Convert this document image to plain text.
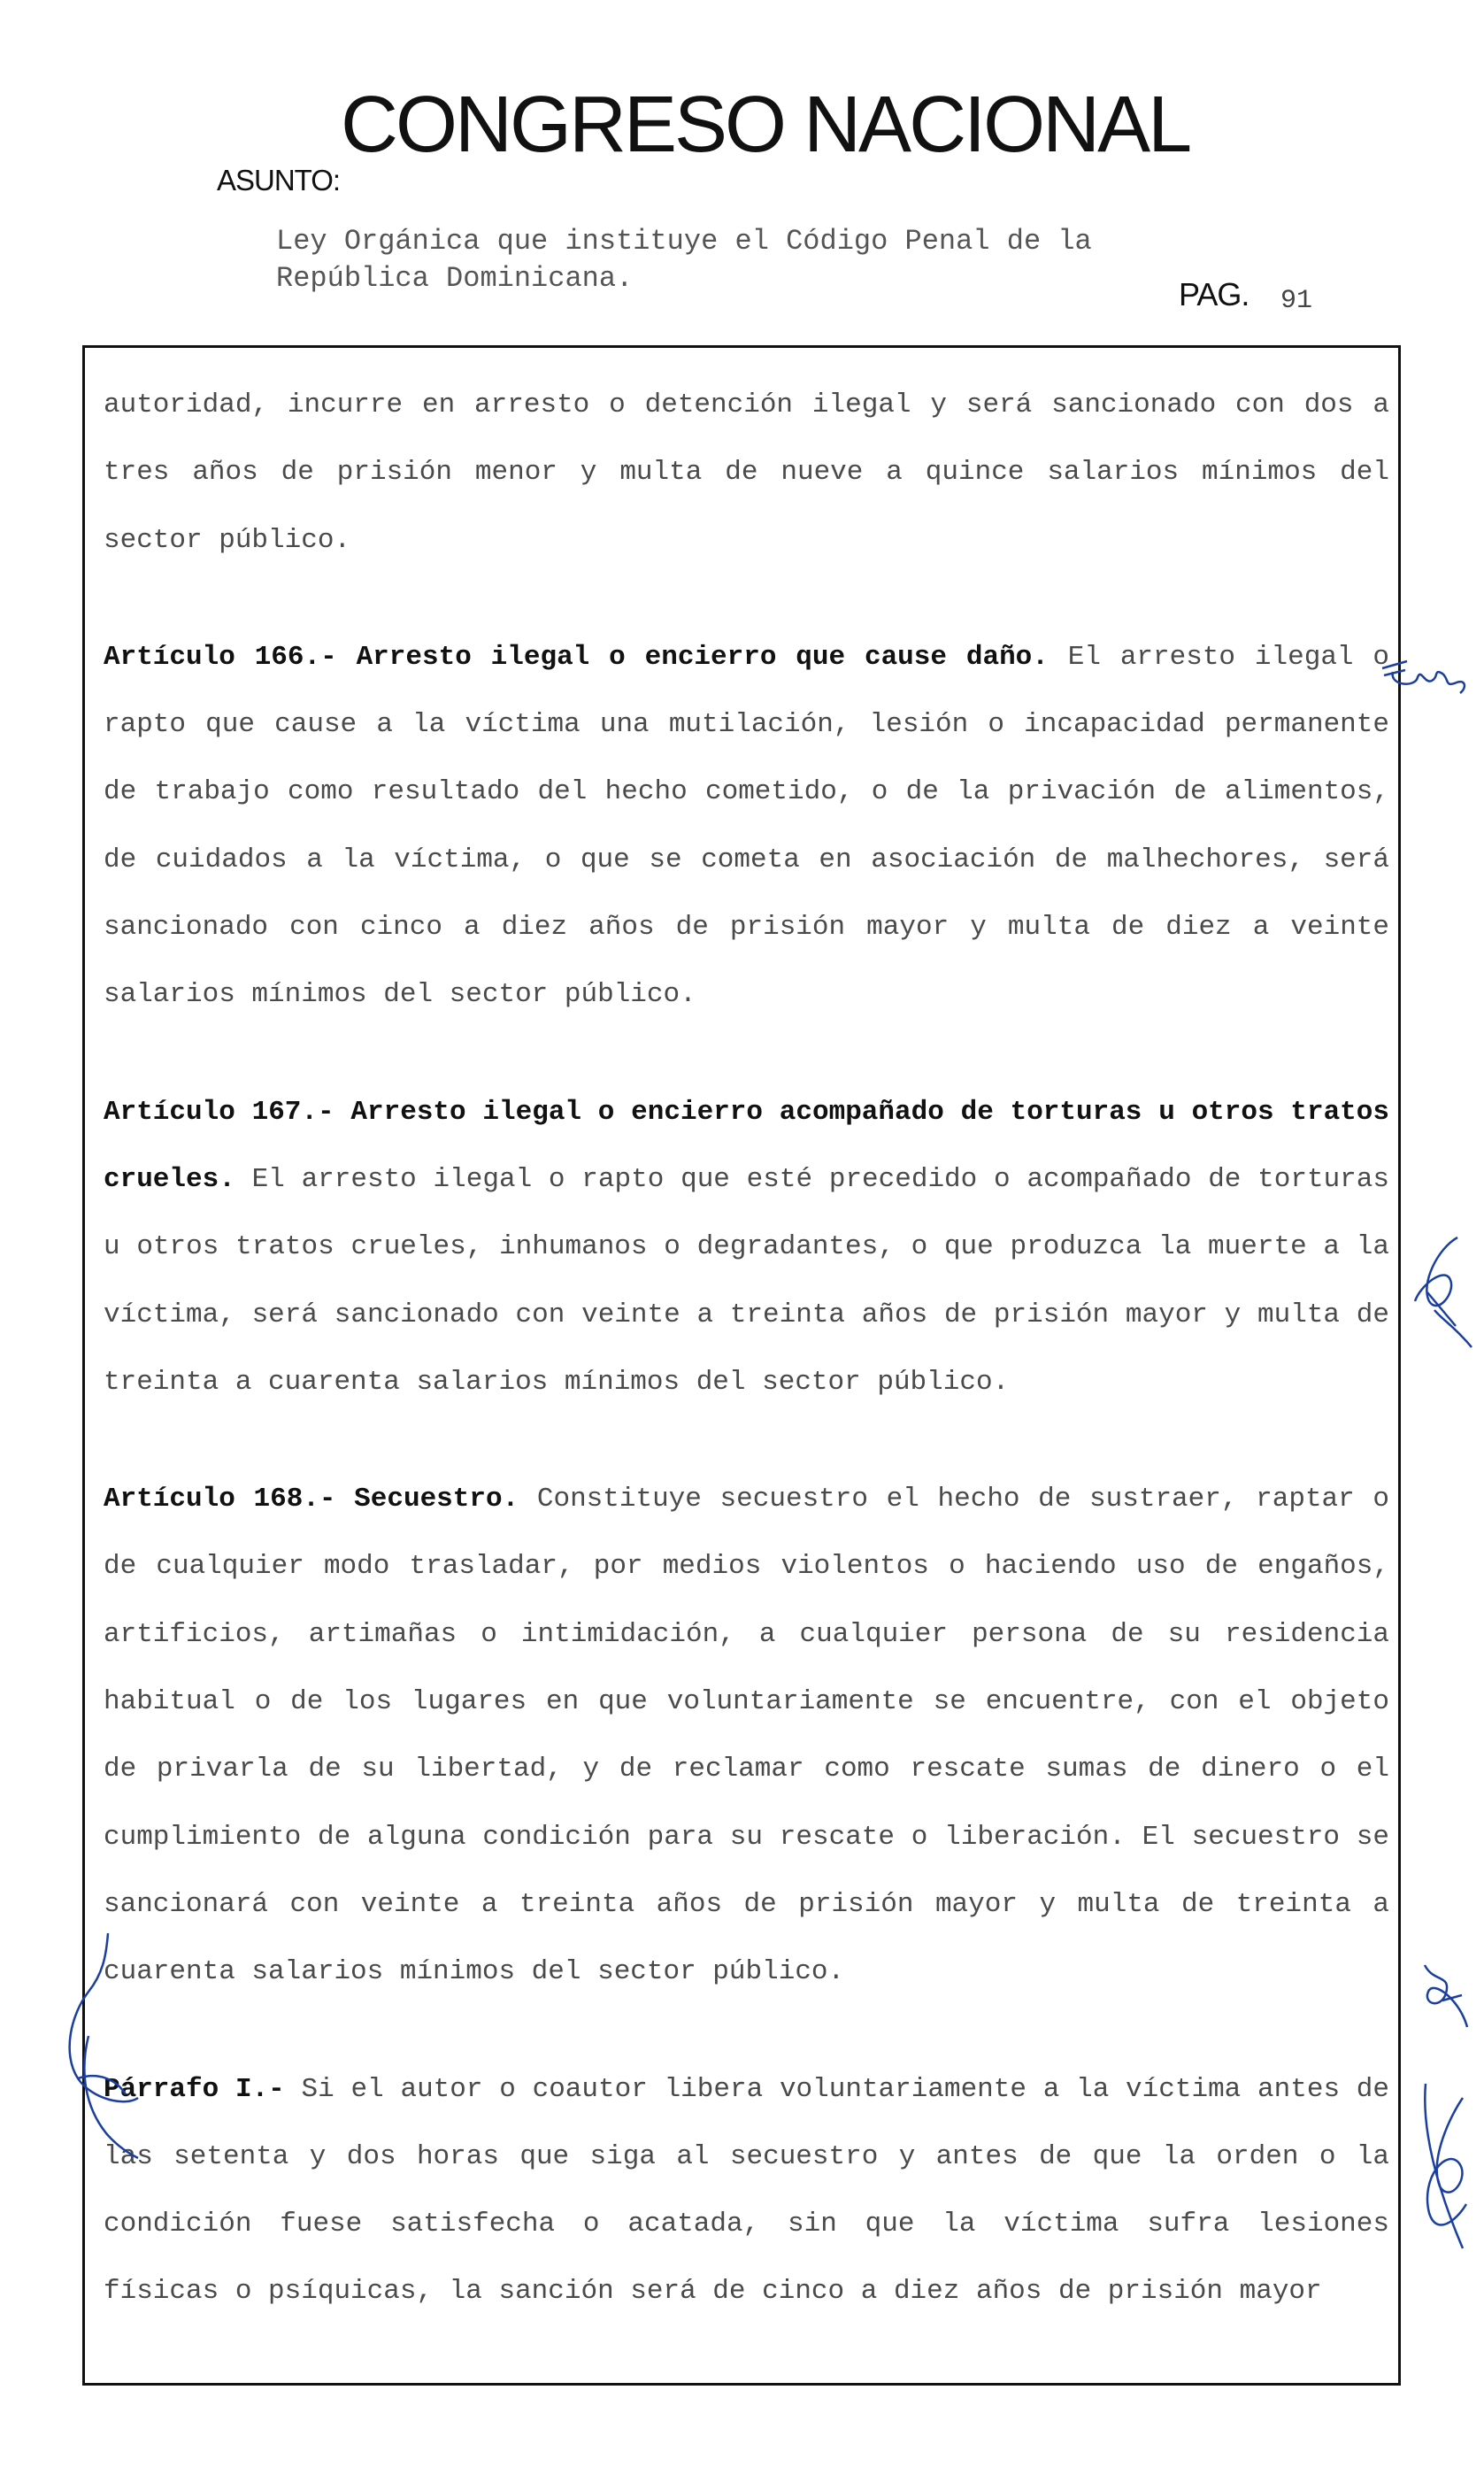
CONGRESO NACIONAL
ASUNTO:
Ley Orgánica que instituye el Código Penal de la
República Dominicana.	PAG. 91

autoridad, incurre en arresto o detención ilegal y será sancionado con dos a tres años de prisión menor y multa de nueve a quince salarios mínimos del sector público.

Artículo 166.- Arresto ilegal o encierro que cause daño. El arresto ilegal o rapto que cause a la víctima una mutilación, lesión o incapacidad permanente de trabajo como resultado del hecho cometido, o de la privación de alimentos, de cuidados a la víctima, o que se cometa en asociación de malhechores, será sancionado con cinco a diez años de prisión mayor y multa de diez a veinte salarios mínimos del sector público.

Artículo 167.- Arresto ilegal o encierro acompañado de torturas u otros tratos crueles. El arresto ilegal o rapto que esté precedido o acompañado de torturas u otros tratos crueles, inhumanos o degradantes, o que produzca la muerte a la víctima, será sancionado con veinte a treinta años de prisión mayor y multa de treinta a cuarenta salarios mínimos del sector público.

Artículo 168.- Secuestro. Constituye secuestro el hecho de sustraer, raptar o de cualquier modo trasladar, por medios violentos o haciendo uso de engaños, artificios, artimañas o intimidación, a cualquier persona de su residencia habitual o de los lugares en que voluntariamente se encuentre, con el objeto de privarla de su libertad, y de reclamar como rescate sumas de dinero o el cumplimiento de alguna condición para su rescate o liberación. El secuestro se sancionará con veinte a treinta años de prisión mayor y multa de treinta a cuarenta salarios mínimos del sector público.

Párrafo I.- Si el autor o coautor libera voluntariamente a la víctima antes de las setenta y dos horas que siga al secuestro y antes de que la orden o la condición fuese satisfecha o acatada, sin que la víctima sufra lesiones físicas o psíquicas, la sanción será de cinco a diez años de prisión mayor
